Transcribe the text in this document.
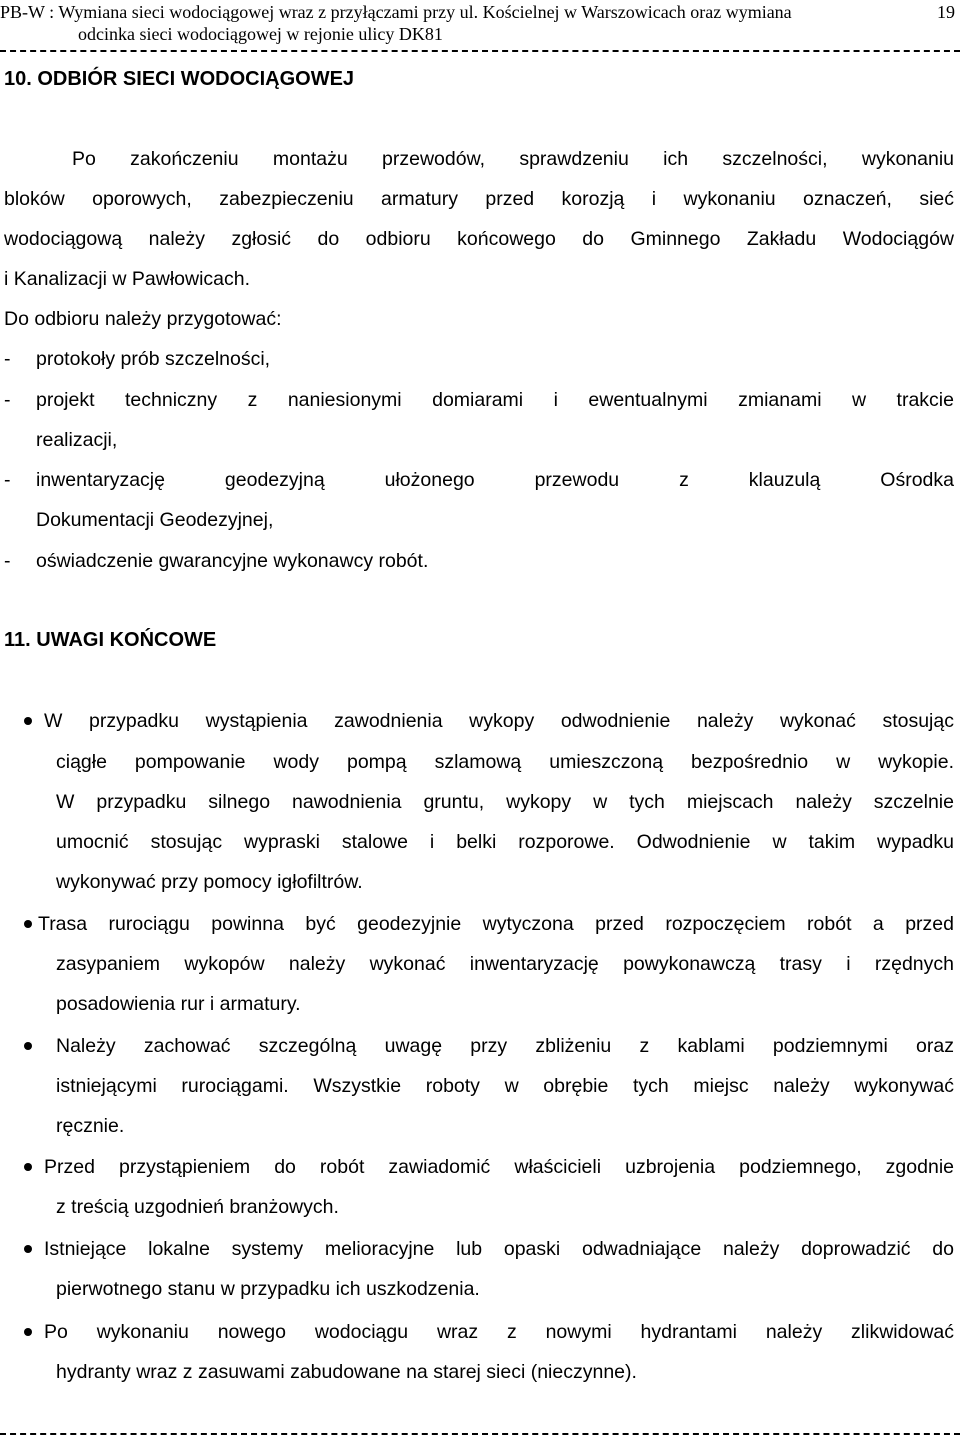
PB-W : Wymiana sieci wodociągowej wraz z przyłączami przy ul. Kościelnej w Warszowicach oraz wymiana
odcinka sieci wodociągowej w rejonie ulicy DK81
19
10. ODBIÓR SIECI WODOCIĄGOWEJ
Po zakończeniu montażu przewodów, sprawdzeniu ich szczelności, wykonaniu
bloków oporowych, zabezpieczeniu armatury przed korozją i wykonaniu oznaczeń, sieć
wodociągową należy zgłosić do odbioru końcowego do Gminnego Zakładu Wodociągów
i Kanalizacji w Pawłowicach.
Do odbioru należy przygotować:
- protokoły prób szczelności,
- projekt techniczny z naniesionymi domiarami i ewentualnymi zmianami w trakcie
realizacji,
- inwentaryzację geodezyjną ułożonego przewodu z klauzulą Ośrodka
Dokumentacji Geodezyjnej,
- oświadczenie gwarancyjne wykonawcy robót.
11. UWAGI KOŃCOWE
W przypadku wystąpienia zawodnienia wykopy odwodnienie należy wykonać stosując
ciągłe pompowanie wody pompą szlamową umieszczoną bezpośrednio w wykopie.
W przypadku silnego nawodnienia gruntu, wykopy w tych miejscach należy szczelnie
umocnić stosując wypraski stalowe i belki rozporowe. Odwodnienie w takim wypadku
wykonywać przy pomocy igłofiltrów.
Trasa rurociągu powinna być geodezyjnie wytyczona przed rozpoczęciem robót a przed
zasypaniem wykopów należy wykonać inwentaryzację powykonawczą trasy i rzędnych
posadowienia rur i armatury.
Należy zachować szczególną uwagę przy zbliżeniu z kablami podziemnymi oraz
istniejącymi rurociągami. Wszystkie roboty w obrębie tych miejsc należy wykonywać
ręcznie.
Przed przystąpieniem do robót zawiadomić właścicieli uzbrojenia podziemnego, zgodnie
z treścią uzgodnień branżowych.
Istniejące lokalne systemy melioracyjne lub opaski odwadniające należy doprowadzić do
pierwotnego stanu w przypadku ich uszkodzenia.
Po wykonaniu nowego wodociągu wraz z nowymi hydrantami należy zlikwidować
hydranty wraz z zasuwami zabudowane na starej sieci (nieczynne).
